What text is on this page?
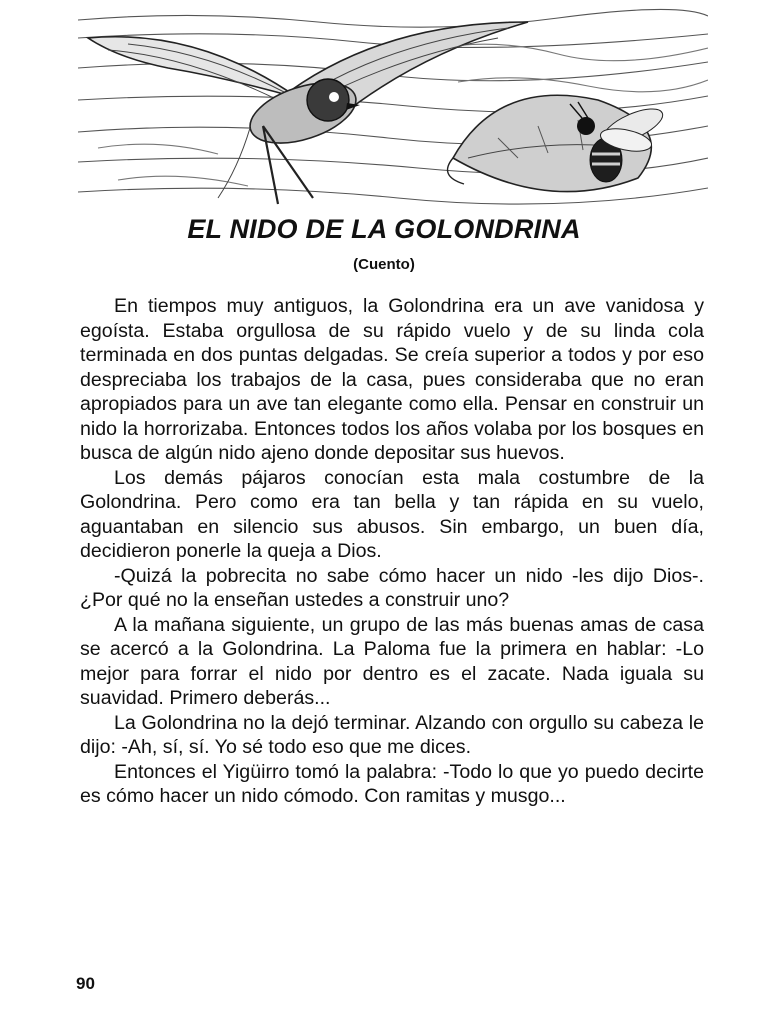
EL NIDO DE LA GOLONDRINA
(Cuento)

En tiempos muy antiguos, la Golondrina era un ave vanidosa y egoísta. Estaba orgullosa de su rápido vuelo y de su linda cola terminada en dos puntas delgadas. Se creía superior a todos y por eso despreciaba los trabajos de la casa, pues consideraba que no eran apropiados para un ave tan elegante como ella. Pensar en construir un nido la horrorizaba. Entonces todos los años volaba por los bosques en busca de algún nido ajeno donde depositar sus huevos.

Los demás pájaros conocían esta mala costumbre de la Golondrina. Pero como era tan bella y tan rápida en su vuelo, aguantaban en silencio sus abusos. Sin embargo, un buen día, decidieron ponerle la queja a Dios.

-Quizá la pobrecita no sabe cómo hacer un nido -les dijo Dios-. ¿Por qué no la enseñan ustedes a construir uno?

A la mañana siguiente, un grupo de las más buenas amas de casa se acercó a la Golondrina. La Paloma fue la primera en hablar: -Lo mejor para forrar el nido por dentro es el zacate. Nada iguala su suavidad. Primero deberás...

La Golondrina no la dejó terminar. Alzando con orgullo su cabeza le dijo: -Ah, sí, sí. Yo sé todo eso que me dices.

Entonces el Yigüirro tomó la palabra: -Todo lo que yo puedo decirte es cómo hacer un nido cómodo. Con ramitas y musgo...

90
